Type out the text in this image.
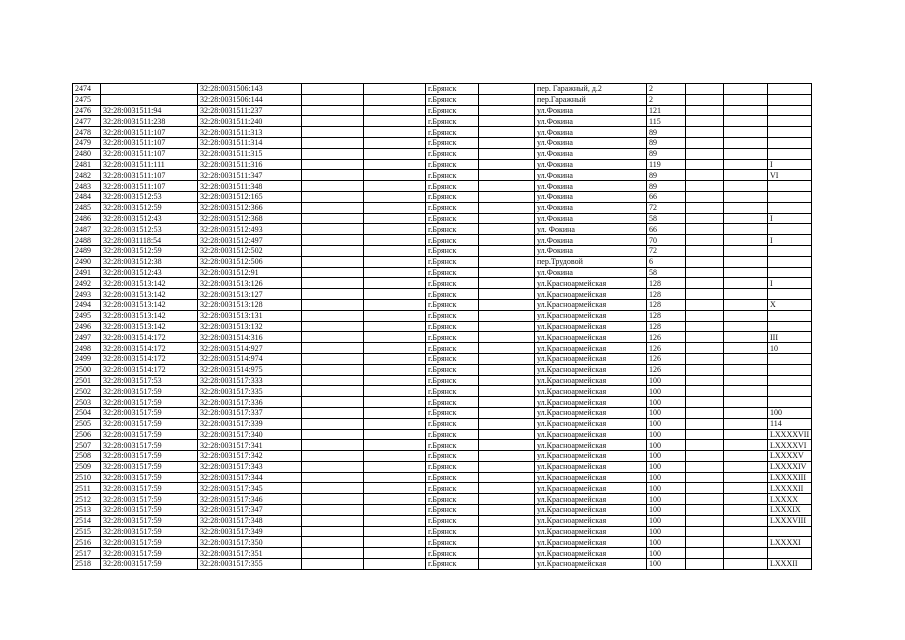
2474		32:28:0031506:143			г.Брянск		пер. Гаражный, д.2	2			
2475		32:28:0031506:144			г.Брянск		пер.Гаражный	2			
2476	32:28:0031511:94	32:28:0031511:237			г.Брянск		ул.Фокина	121			
2477	32:28:0031511:238	32:28:0031511:240			г.Брянск		ул.Фокина	115			
2478	32:28:0031511:107	32:28:0031511:313			г.Брянск		ул.Фокина	89			
2479	32:28:0031511:107	32:28:0031511:314			г.Брянск		ул.Фокина	89			
2480	32:28:0031511:107	32:28:0031511:315			г.Брянск		ул.Фокина	89			
2481	32:28:0031511:111	32:28:0031511:316			г.Брянск		ул.Фокина	119			I
2482	32:28:0031511:107	32:28:0031511:347			г.Брянск		ул.Фокина	89			VI
2483	32:28:0031511:107	32:28:0031511:348			г.Брянск		ул.Фокина	89			
2484	32:28:0031512:53	32:28:0031512:165			г.Брянск		ул.Фокина	66			
2485	32:28:0031512:59	32:28:0031512:366			г.Брянск		ул.Фокина	72			
2486	32:28:0031512:43	32:28:0031512:368			г.Брянск		ул.Фокина	58			I
2487	32:28:0031512:53	32:28:0031512:493			г.Брянск		ул. Фокина	66			
2488	32:28:0031118:54	32:28:0031512:497			г.Брянск		ул.Фокина	70			I
2489	32:28:0031512:59	32:28:0031512:502			г.Брянск		ул.Фокина	72			
2490	32:28:0031512:38	32:28:0031512:506			г.Брянск		пер.Трудовой	6			
2491	32:28:0031512:43	32:28:0031512:91			г.Брянск		ул.Фокина	58			
2492	32:28:0031513:142	32:28:0031513:126			г.Брянск		ул.Красноармейская	128			I
2493	32:28:0031513:142	32:28:0031513:127			г.Брянск		ул.Красноармейская	128			
2494	32:28:0031513:142	32:28:0031513:128			г.Брянск		ул.Красноармейская	128			X
2495	32:28:0031513:142	32:28:0031513:131			г.Брянск		ул.Красноармейская	128			
2496	32:28:0031513:142	32:28:0031513:132			г.Брянск		ул.Красноармейская	128			
2497	32:28:0031514:172	32:28:0031514:316			г.Брянск		ул.Красноармейская	126			III
2498	32:28:0031514:172	32:28:0031514:927			г.Брянск		ул.Красноармейская	126			10
2499	32:28:0031514:172	32:28:0031514:974			г.Брянск		ул.Красноармейская	126			
2500	32:28:0031514:172	32:28:0031514:975			г.Брянск		ул.Красноармейская	126			
2501	32:28:0031517:53	32:28:0031517:333			г.Брянск		ул.Красноармейская	100			
2502	32:28:0031517:59	32:28:0031517:335			г.Брянск		ул.Красноармейская	100			
2503	32:28:0031517:59	32:28:0031517:336			г.Брянск		ул.Красноармейская	100			
2504	32:28:0031517:59	32:28:0031517:337			г.Брянск		ул.Красноармейская	100			100
2505	32:28:0031517:59	32:28:0031517:339			г.Брянск		ул.Красноармейская	100			114
2506	32:28:0031517:59	32:28:0031517:340			г.Брянск		ул.Красноармейская	100			LXXXXVII
2507	32:28:0031517:59	32:28:0031517:341			г.Брянск		ул.Красноармейская	100			LXXXXVI
2508	32:28:0031517:59	32:28:0031517:342			г.Брянск		ул.Красноармейская	100			LXXXXV
2509	32:28:0031517:59	32:28:0031517:343			г.Брянск		ул.Красноармейская	100			LXXXXIV
2510	32:28:0031517:59	32:28:0031517:344			г.Брянск		ул.Красноармейская	100			LXXXXIII
2511	32:28:0031517:59	32:28:0031517:345			г.Брянск		ул.Красноармейская	100			LXXXXII
2512	32:28:0031517:59	32:28:0031517:346			г.Брянск		ул.Красноармейская	100			LXXXX
2513	32:28:0031517:59	32:28:0031517:347			г.Брянск		ул.Красноармейская	100			LXXXIX
2514	32:28:0031517:59	32:28:0031517:348			г.Брянск		ул.Красноармейская	100			LXXXVIII
2515	32:28:0031517:59	32:28:0031517:349			г.Брянск		ул.Красноармейская	100			
2516	32:28:0031517:59	32:28:0031517:350			г.Брянск		ул.Красноармейская	100			LXXXXI
2517	32:28:0031517:59	32:28:0031517:351			г.Брянск		ул.Красноармейская	100			
2518	32:28:0031517:59	32:28:0031517:355			г.Брянск		ул.Красноармейская	100			LXXXII
